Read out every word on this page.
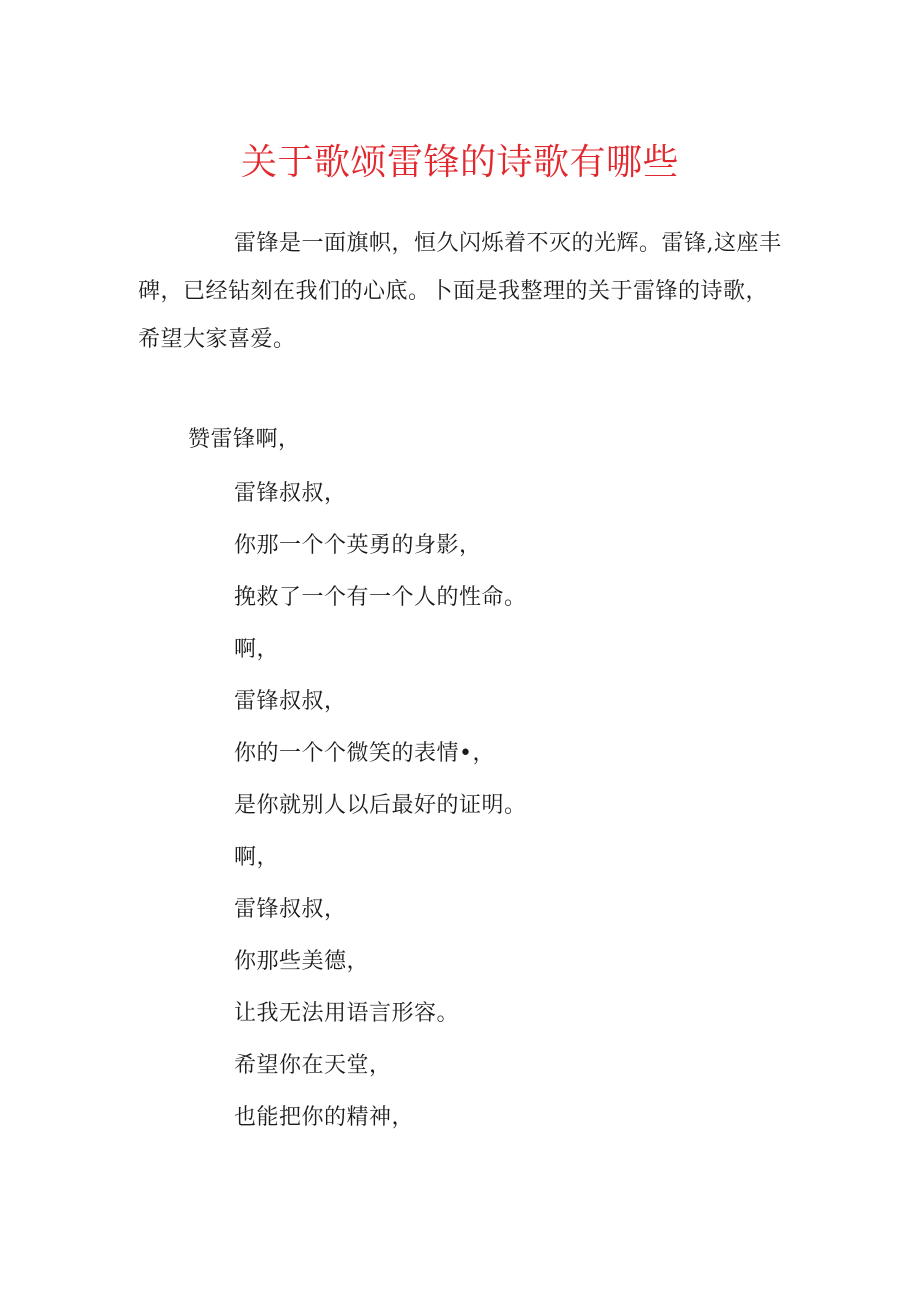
关于歌颂雷锋的诗歌有哪些

雷锋是一面旗帜，恒久闪烁着不灭的光辉。雷锋,这座丰碑，已经钻刻在我们的心底。卜面是我整理的关于雷锋的诗歌，希望大家喜爱。

赞雷锋啊，
雷锋叔叔，
你那一个个英勇的身影，
挽救了一个有一个人的性命。
啊，
雷锋叔叔，
你的一个个微笑的表情•，
是你就别人以后最好的证明。
啊，
雷锋叔叔，
你那些美德，
让我无法用语言形容。
希望你在天堂，
也能把你的精神，
